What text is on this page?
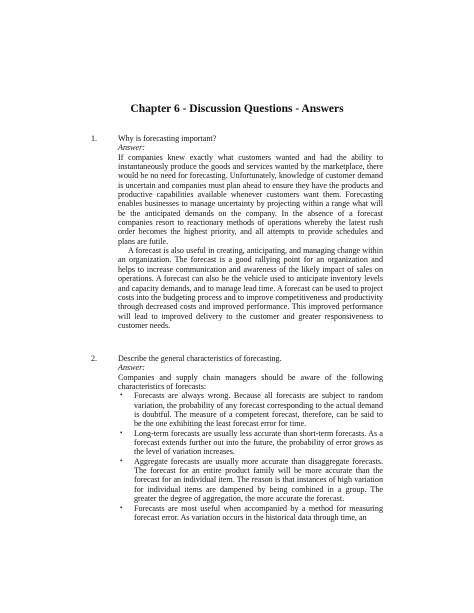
Chapter 6 - Discussion Questions - Answers
1.	Why is forecasting important?
Answer:

If companies knew exactly what customers wanted and had the ability to instantaneously produce the goods and services wanted by the marketplace, there would be no need for forecasting. Unfortunately, knowledge of customer demand is uncertain and companies must plan ahead to ensure they have the products and productive capabilities available whenever customers want them. Forecasting enables businesses to manage uncertainty by projecting within a range what will be the anticipated demands on the company. In the absence of a forecast companies resort to reactionary methods of operations whereby the latest rush order becomes the highest priority, and all attempts to provide schedules and plans are futile.

A forecast is also useful in creating, anticipating, and managing change within an organization. The forecast is a good rallying point for an organization and helps to increase communication and awareness of the likely impact of sales on operations. A forecast can also be the vehicle used to anticipate inventory levels and capacity demands, and to manage lead time. A forecast can be used to project costs into the budgeting process and to improve competitiveness and productivity through decreased costs and improved performance. This improved performance will lead to improved delivery to the customer and greater responsiveness to customer needs.

2.	Describe the general characteristics of forecasting.
Answer:

Companies and supply chain managers should be aware of the following characteristics of forecasts:

• Forecasts are always wrong. Because all forecasts are subject to random variation, the probability of any forecast corresponding to the actual demand is doubtful. The measure of a competent forecast, therefore, can be said to be the one exhibiting the least forecast error for time.
• Long-term forecasts are usually less accurate than short-term forecasts. As a forecast extends further out into the future, the probability of error grows as the level of variation increases.
• Aggregate forecasts are usually more accurate than disaggregate forecasts. The forecast for an entire product family will be more accurate than the forecast for an individual item. The reason is that instances of high variation for individual items are dampened by being combined in a group. The greater the degree of aggregation, the more accurate the forecast.
• Forecasts are most useful when accompanied by a method for measuring forecast error. As variation occurs in the historical data through time, an
